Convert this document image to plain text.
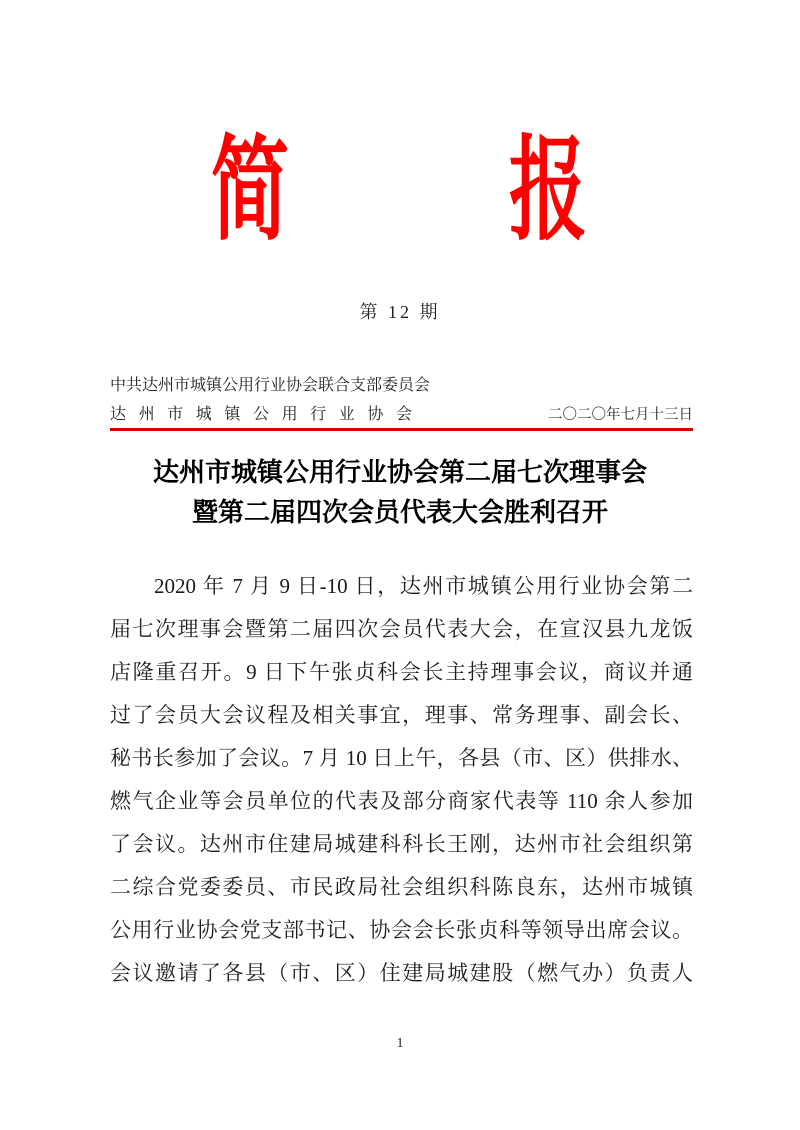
简	报
第 12 期
中共达州市城镇公用行业协会联合支部委员会
达州市城镇公用行业协会	二〇二〇年七月十三日
达州市城镇公用行业协会第二届七次理事会
暨第二届四次会员代表大会胜利召开
2020 年 7 月 9 日-10 日，达州市城镇公用行业协会第二
届七次理事会暨第二届四次会员代表大会，在宣汉县九龙饭
店隆重召开。9 日下午张贞科会长主持理事会议，商议并通
过了会员大会议程及相关事宜，理事、常务理事、副会长、
秘书长参加了会议。7 月 10 日上午，各县（市、区）供排水、
燃气企业等会员单位的代表及部分商家代表等 110 余人参加
了会议。达州市住建局城建科科长王刚，达州市社会组织第
二综合党委委员、市民政局社会组织科陈良东，达州市城镇
公用行业协会党支部书记、协会会长张贞科等领导出席会议。
会议邀请了各县（市、区）住建局城建股（燃气办）负责人
1
